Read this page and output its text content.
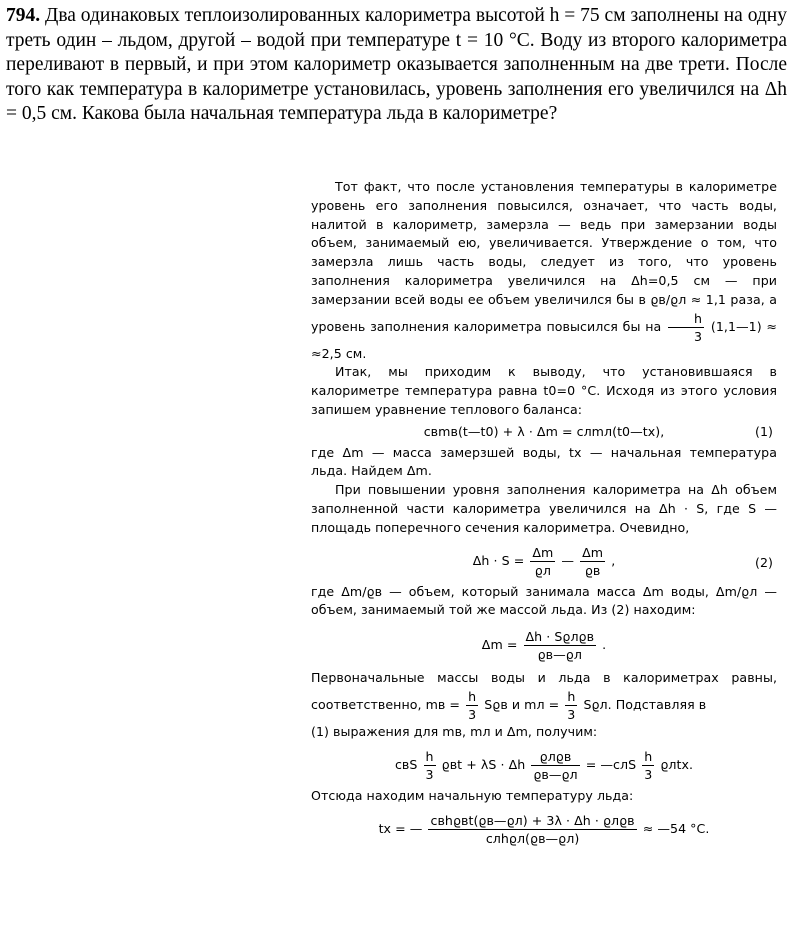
794. Два одинаковых теплоизолированных калориметра высотой h = 75 см заполнены на одну треть один – льдом, другой – водой при температуре t = 10 °С. Воду из второго калориметра переливают в первый, и при этом калориметр оказывается заполненным на две трети. После того как температура в калориметре установилась, уровень заполнения его увеличился на Δh = 0,5 см. Какова была начальная температура льда в калориметре?

Тот факт, что после установления температуры в калориметре уровень его заполнения повысился, означает, что часть воды, налитой в калориметр, замерзла — ведь при замерзании воды объем, занимаемый ею, увеличивается. Утверждение о том, что замерзла лишь часть воды, следует из того, что уровень заполнения калориметра увеличился на Δh=0,5 см — при замерзании всей воды ее объем увеличился бы в ϱв/ϱл ≈ 1,1 раза, а уровень заполнения калориметра повысился бы на $\frac{h}{3}$ (1,1—1) ≈ ≈2,5 см.

Итак, мы приходим к выводу, что установившаяся в калориметре температура равна t0=0 °С. Исходя из этого условия запишем уравнение теплового баланса:

cвmв(t—t0) + λ · Δm = cлmл(t0—tx),	(1)

где Δm — масса замерзшей воды, tx — начальная температура льда. Найдем Δm.

При повышении уровня заполнения калориметра на Δh объем заполненной части калориметра увеличился на Δh · S, где S — площадь поперечного сечения калориметра. Очевидно,

$\Delta h \cdot S = \frac{\Delta m}{ϱл}$ — $\frac{\Delta m}{ϱв}$ ,	(2)

где Δm/ϱв — объем, который занимала масса Δm воды, Δm/ϱл — объем, занимаемый той же массой льда. Из (2) находим:

$\Delta m = \frac{\text{Δh · Sϱлϱв}}{ϱв—ϱл}$ .

Первоначальные массы воды и льда в калориметрах равны, соответственно, mв = $\frac{h}{3}$ Sϱв и mл = $\frac{h}{3} Sϱл$. Подставляя в

(1) выражения для mв, mл и Δm, получим:

cвS $\frac{h}{3}$ ϱвt + λS · Δh $\frac{\text{ϱлϱв}}{ϱв—ϱл}$ = —cлS $\frac{h}{3} ϱлtx$.

Отсюда находим начальную температуру льда:

tx = — $\frac{\text{cвhϱвt(ϱв—ϱл) + 3λ · Δh · ϱлϱв}}{\text{cлhϱл(ϱв—ϱл)}}$ ≈ —54 °С.
